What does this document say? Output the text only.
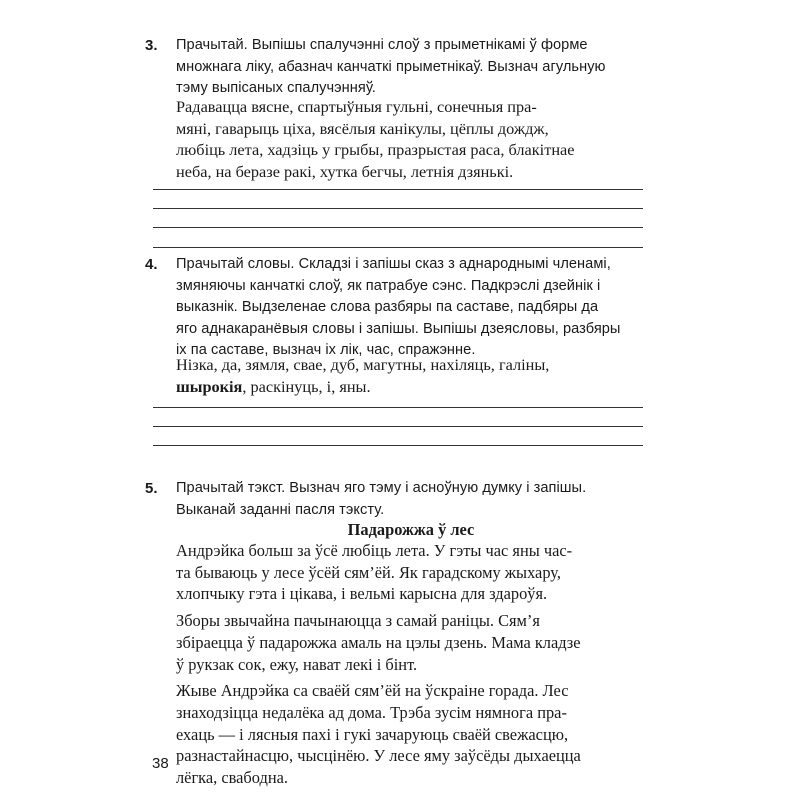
3.	Прачытай. Выпішы спалучэнні слоў з прыметнікамі ў форме
множнага ліку, абазнач канчаткі прыметнікаў. Вызнач агульную
тэму выпісаных спалучэнняў.

Радавацца вясне, спартыўныя гульні, сонечныя пра-
мяні, гаварыць ціха, вясёлыя канікулы, цёплы дождж,
любіць лета, хадзіць у грыбы, празрыстая раса, блакітнае
неба, на беразе ракі, хутка бегчы, летнія дзянькі.

4.	Прачытай словы. Складзі і запішы сказ з аднароднымі членамі,
змяняючы канчаткі слоў, як патрабуе сэнс. Падкрэслі дзейнік і
выказнік. Выдзеленае слова разбяры па саставе, падбяры да
яго аднакаранёвыя словы і запішы. Выпішы дзеясловы, разбяры
іх па саставе, вызнач іх лік, час, спражэнне.

Нізка, да, зямля, свае, дуб, магутны, нахіляць, галіны,
шырокія, раскінуць, і, яны.

5.	Прачытай тэкст. Вызнач яго тэму і асноўную думку і запішы.
Выканай заданні пасля тэксту.

Падарожжа ў лес

Андрэйка больш за ўсё любіць лета. У гэты час яны час-
та бываюць у лесе ўсёй сям’ёй. Як гарадскому жыхару,
хлопчыку гэта і цікава, і вельмі карысна для здароўя.

Зборы звычайна пачынаюцца з самай раніцы. Сям’я
збіраецца ў падарожжа амаль на цэлы дзень. Мама кладзе
ў рукзак сок, ежу, нават лекі і бінт.

Жыве Андрэйка са сваёй сям’ёй на ўскраіне горада. Лес
знаходзіцца недалёка ад дома. Трэба зусім нямнога пра-
ехаць — і лясныя пахі і гукі зачаруюць сваёй свежасцю,
разнастайнасцю, чысцінёю. У лесе яму заўсёды дыхаецца
лёгка, свабодна.

38
